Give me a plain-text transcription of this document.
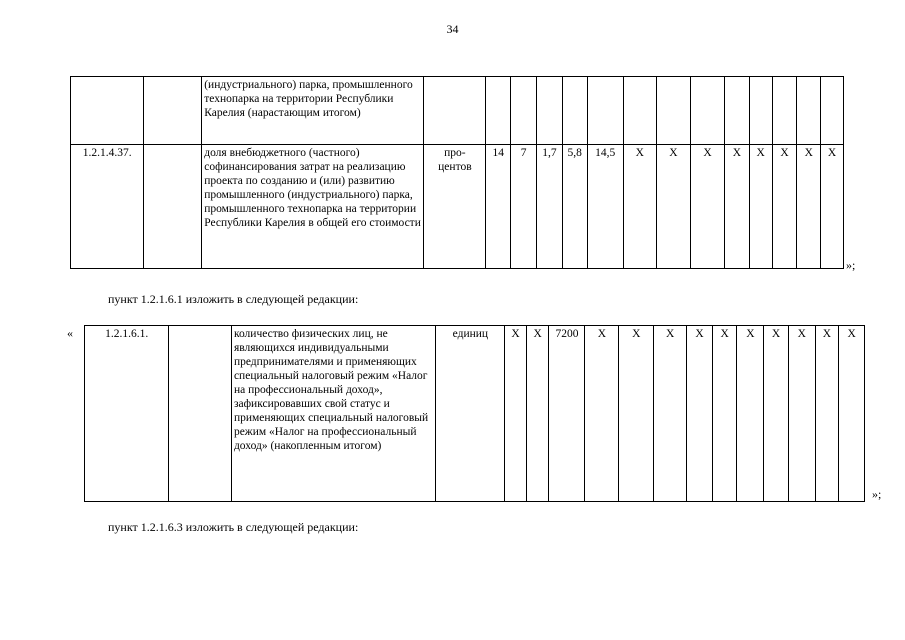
34
		(индустриального) парка, промышленного технопарка на территории Республики Карелия (нарастающим итогом)														
1.2.1.4.37.		доля внебюджетного (частного) софинансирования затрат на реализацию проекта по созданию и (или) развитию промышленного (индустриального) парка, промышленного технопарка на территории Республики Карелия в общей его стоимости	про-центов	14	7	1,7	5,8	14,5	Х	Х	Х	Х	Х	Х	Х	Х
»;
пункт 1.2.1.6.1 изложить в следующей редакции:
«	1.2.1.6.1.		количество физических лиц, не являющихся индивидуальными предпринимателями и применяющих специальный налоговый режим «Налог на профессиональный доход», зафиксировавших свой статус и применяющих специальный налоговый режим «Налог на профессиональный доход» (накопленным итогом)	единиц	Х	Х	7200	Х	Х	Х	Х	Х	Х	Х	Х	Х	Х
»;
пункт 1.2.1.6.3 изложить в следующей редакции:
